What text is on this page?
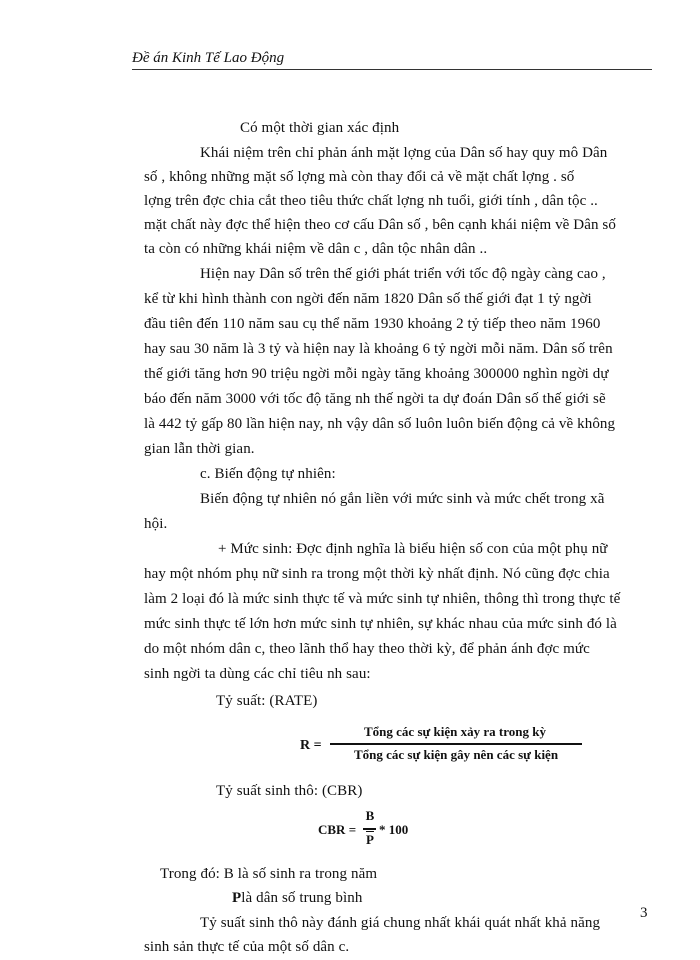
Đề án Kinh Tế Lao Động
Có một thời gian xác định
Khái niệm trên chỉ phản ánh mặt lợng của Dân số hay quy mô Dân
số , không những mặt số lợng mà còn thay đổi cả về mặt chất lợng . số
lợng trên đợc chia cắt theo tiêu thức chất lợng nh tuổi, giới tính , dân tộc ..
mặt chất này đợc thể hiện theo cơ cấu Dân số , bên cạnh khái niệm về Dân số
ta còn có những khái niệm về dân c , dân tộc nhân dân ..
Hiện nay Dân số trên thế giới phát triển với tốc độ ngày càng cao ,
kể từ khi hình thành con ngời đến năm 1820 Dân số thế giới đạt 1 tỷ ngời
đầu tiên đến 110 năm sau cụ thể năm 1930 khoảng 2 tỷ tiếp theo năm 1960
hay sau 30 năm là 3 tỷ và hiện nay là khoảng 6 tỷ ngời mỗi năm. Dân số trên
thế giới tăng hơn 90 triệu ngời mỗi ngày tăng khoảng 300000 nghìn ngời dự
báo đến năm 3000 với tốc độ tăng nh thế ngời ta dự đoán Dân số thế giới sẽ
là 442 tỷ gấp 80 lần hiện nay, nh vậy dân số luôn luôn biến động cả về không
gian lẫn thời gian.
c. Biến động tự nhiên:
Biến động tự nhiên nó gắn liền với mức sinh và mức chết trong xã
hội.
+ Mức sinh: Đợc định nghĩa là biểu hiện số con của một phụ nữ
hay một nhóm phụ nữ sinh ra trong một thời kỳ nhất định. Nó cũng đợc chia
làm 2 loại đó là mức sinh thực tế và mức sinh tự nhiên, thông thì trong thực tế
mức sinh thực tế lớn hơn mức sinh tự nhiên, sự khác nhau của mức sinh đó là
do một nhóm dân c, theo lãnh thổ hay theo thời kỳ, để phản ánh đợc mức
sinh ngời ta dùng các chỉ tiêu nh sau:
Tỷ suất: (RATE)
R =
Tổng các sự kiện xảy ra trong kỳ
Tổng các sự kiện gây nên các sự kiện
Tỷ suất sinh thô: (CBR)
CBR =
B
$\overline{P}$
* 100
Trong đó: B là số sinh ra trong năm
Plà dân số trung bình
Tỷ suất sinh thô này đánh giá chung nhất khái quát nhất khả năng
sinh sản thực tế của một số dân c.
3
